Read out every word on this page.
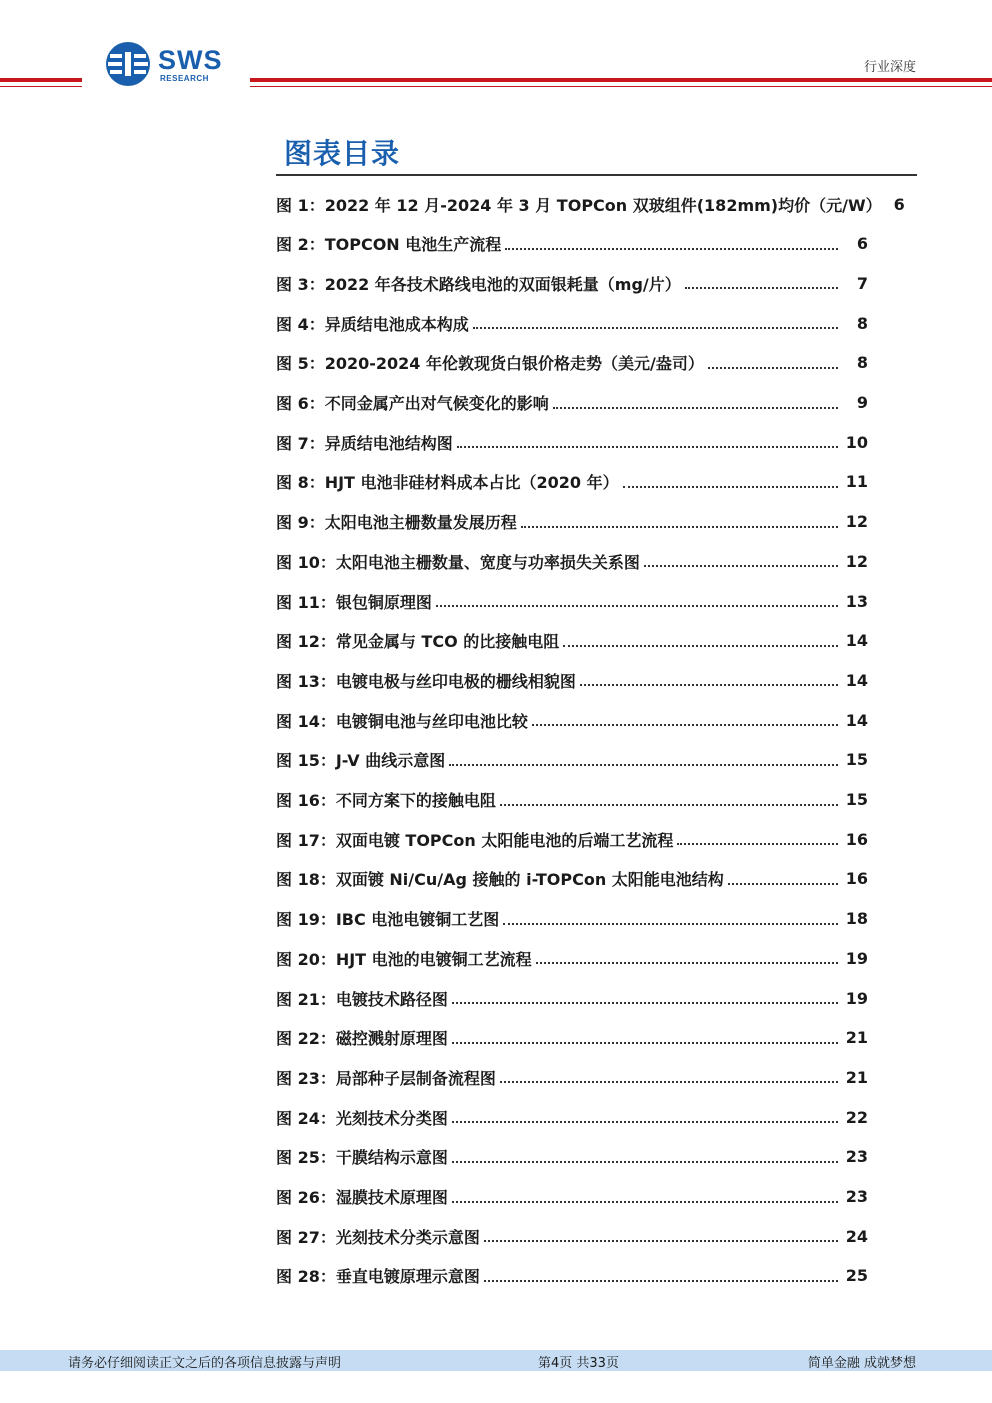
SWS
RESEARCH
行业深度
图表目录
图 1：2022 年 12 月-2024 年 3 月 TOPCon 双玻组件(182mm)均价（元/W） 6
图 2：TOPCON 电池生产流程	6
图 3：2022 年各技术路线电池的双面银耗量（mg/片）	7
图 4：异质结电池成本构成	8
图 5：2020-2024 年伦敦现货白银价格走势（美元/盎司）	8
图 6：不同金属产出对气候变化的影响	9
图 7：异质结电池结构图	10
图 8：HJT 电池非硅材料成本占比（2020 年）	11
图 9：太阳电池主栅数量发展历程	12
图 10：太阳电池主栅数量、宽度与功率损失关系图	12
图 11：银包铜原理图	13
图 12：常见金属与 TCO 的比接触电阻	14
图 13：电镀电极与丝印电极的栅线相貌图	14
图 14：电镀铜电池与丝印电池比较	14
图 15：J-V 曲线示意图	15
图 16：不同方案下的接触电阻	15
图 17：双面电镀 TOPCon 太阳能电池的后端工艺流程	16
图 18：双面镀 Ni/Cu/Ag 接触的 i-TOPCon 太阳能电池结构	16
图 19：IBC 电池电镀铜工艺图	18
图 20：HJT 电池的电镀铜工艺流程	19
图 21：电镀技术路径图	19
图 22：磁控溅射原理图	21
图 23：局部种子层制备流程图	21
图 24：光刻技术分类图	22
图 25：干膜结构示意图	23
图 26：湿膜技术原理图	23
图 27：光刻技术分类示意图	24
图 28：垂直电镀原理示意图	25
请务必仔细阅读正文之后的各项信息披露与声明	第4页 共33页	简单金融 成就梦想
